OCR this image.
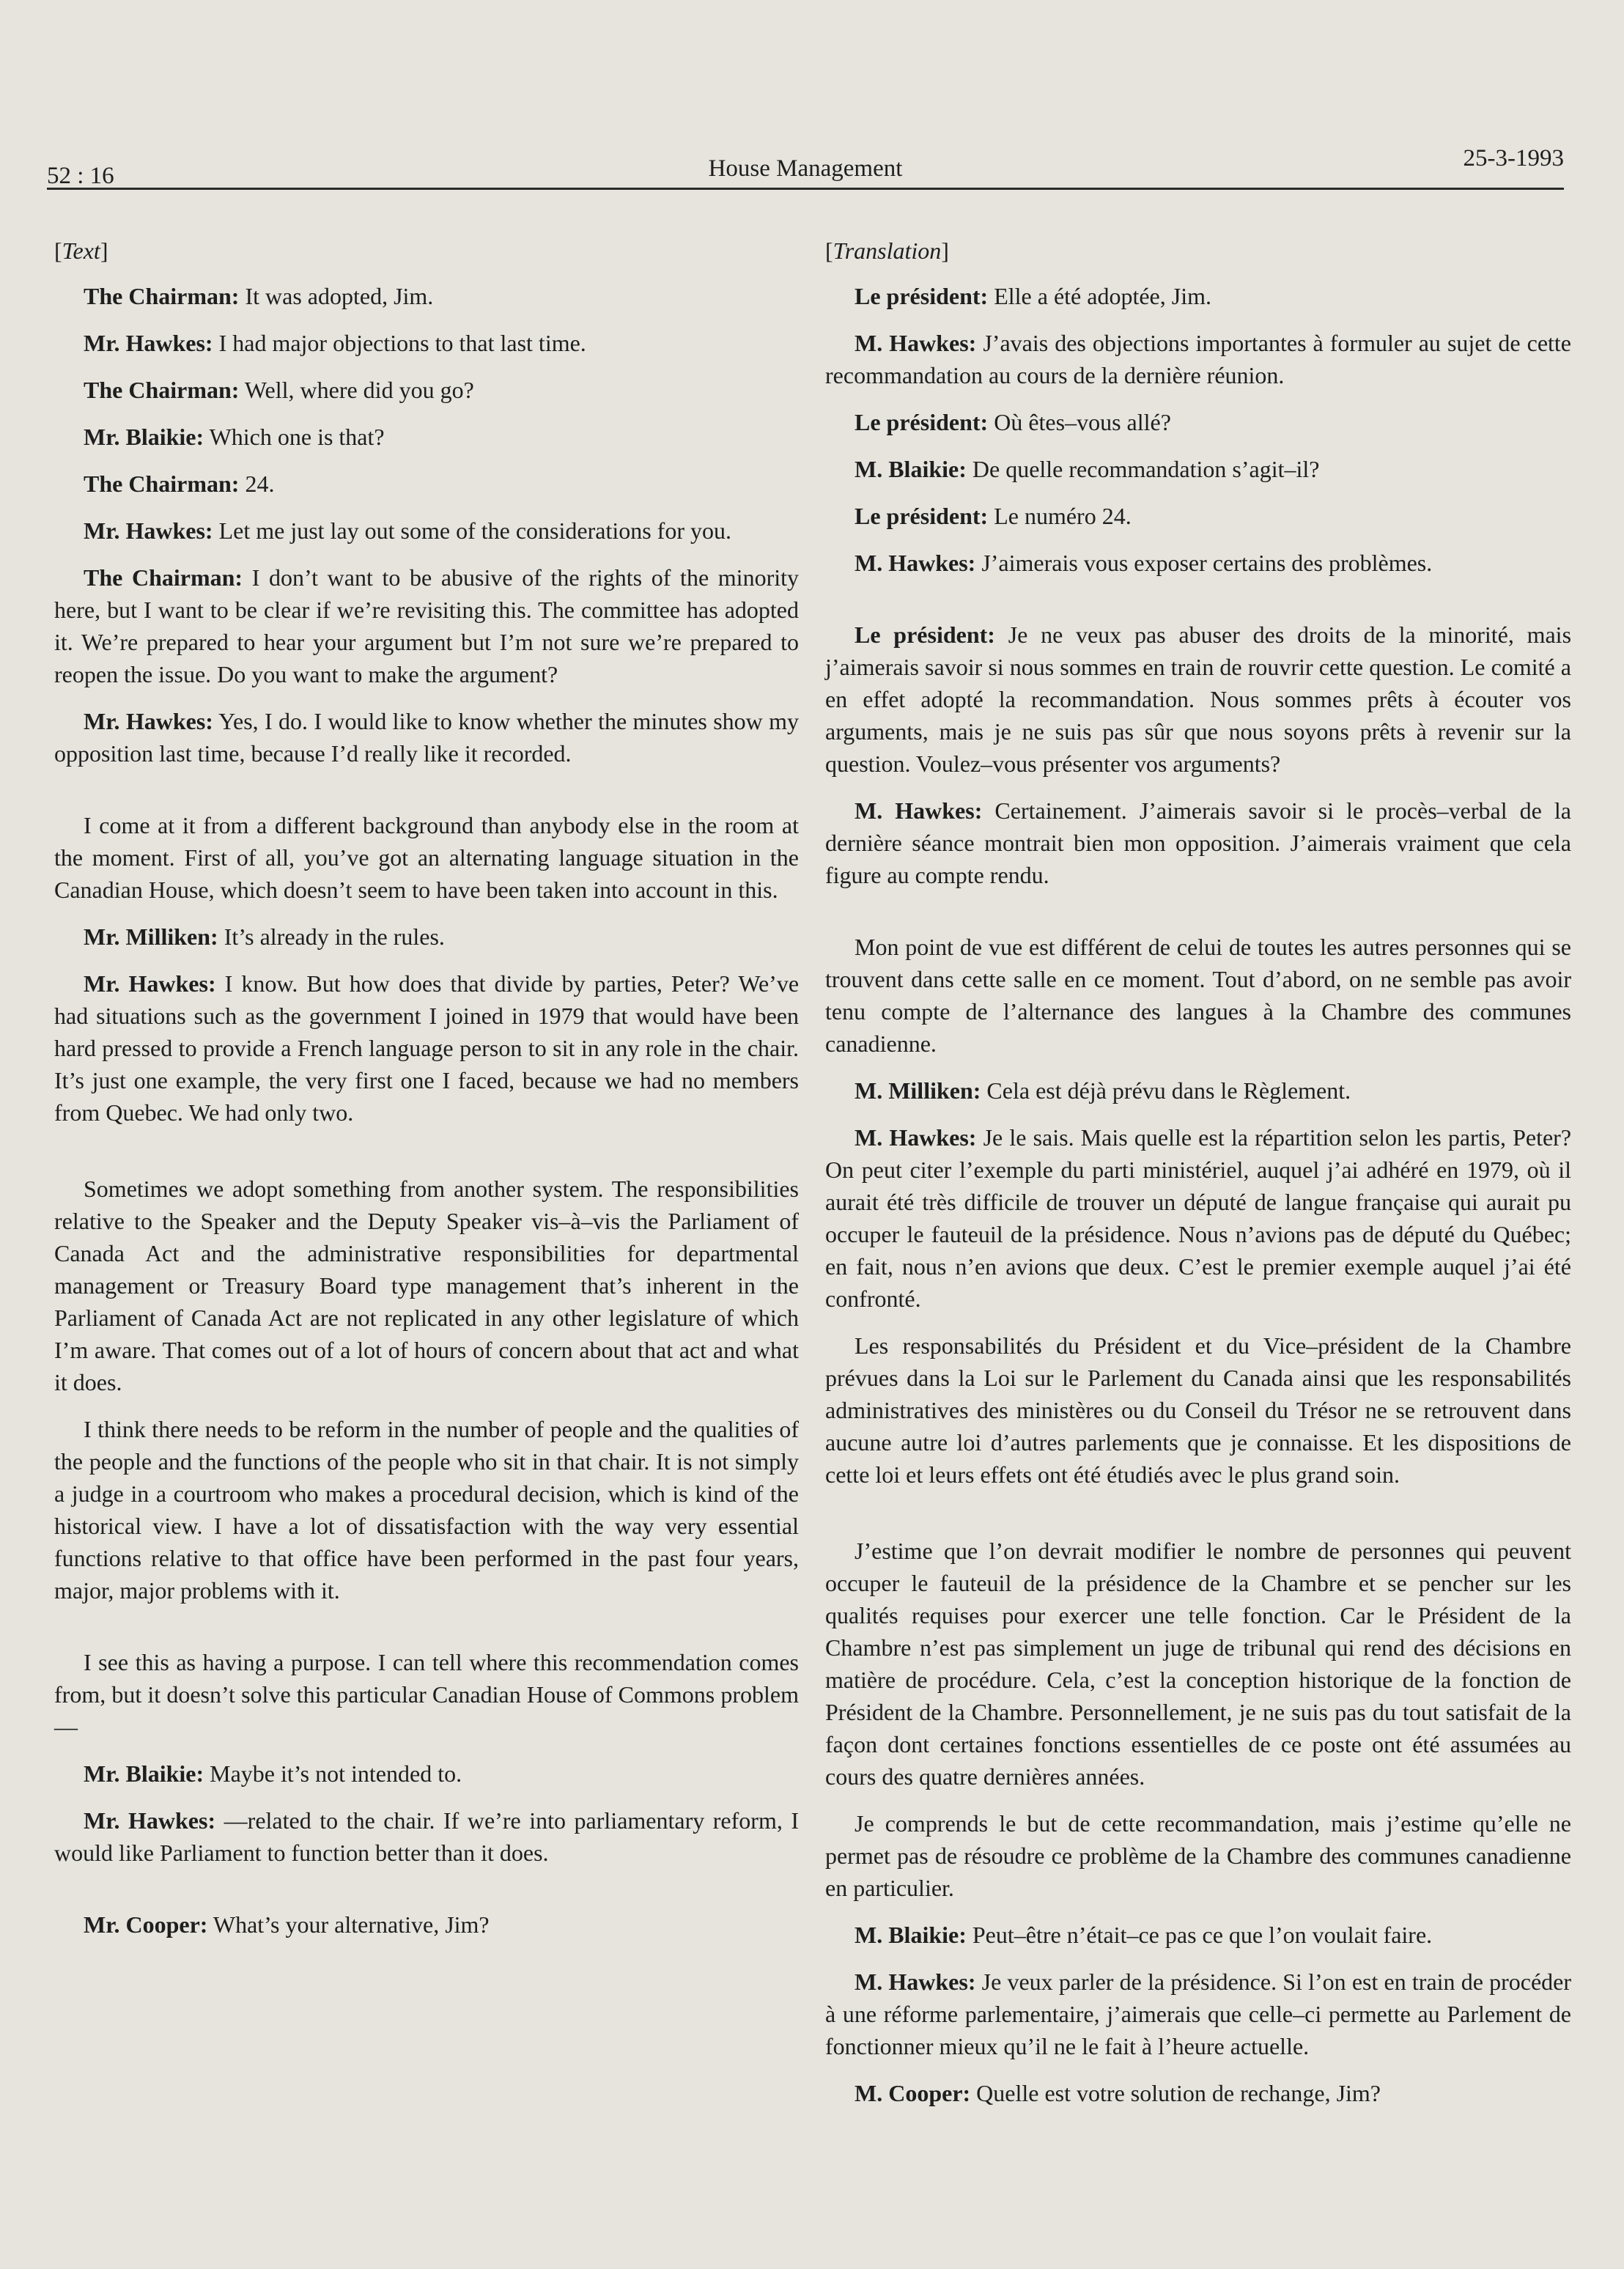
52 : 16	House Management	25-3-1993
[Text]

The Chairman: It was adopted, Jim.

Mr. Hawkes: I had major objections to that last time.

The Chairman: Well, where did you go?

Mr. Blaikie: Which one is that?

The Chairman: 24.

Mr. Hawkes: Let me just lay out some of the considerations for you.

The Chairman: I don’t want to be abusive of the rights of the minority here, but I want to be clear if we’re revisiting this. The committee has adopted it. We’re prepared to hear your argument but I’m not sure we’re prepared to reopen the issue. Do you want to make the argument?

Mr. Hawkes: Yes, I do. I would like to know whether the minutes show my opposition last time, because I’d really like it recorded.

I come at it from a different background than anybody else in the room at the moment. First of all, you’ve got an alternating language situation in the Canadian House, which doesn’t seem to have been taken into account in this.

Mr. Milliken: It’s already in the rules.

Mr. Hawkes: I know. But how does that divide by parties, Peter? We’ve had situations such as the government I joined in 1979 that would have been hard pressed to provide a French language person to sit in any role in the chair. It’s just one example, the very first one I faced, because we had no members from Quebec. We had only two.

Sometimes we adopt something from another system. The responsibilities relative to the Speaker and the Deputy Speaker vis–à–vis the Parliament of Canada Act and the administrative responsibilities for departmental management or Treasury Board type management that’s inherent in the Parliament of Canada Act are not replicated in any other legislature of which I’m aware. That comes out of a lot of hours of concern about that act and what it does.

I think there needs to be reform in the number of people and the qualities of the people and the functions of the people who sit in that chair. It is not simply a judge in a courtroom who makes a procedural decision, which is kind of the historical view. I have a lot of dissatisfaction with the way very essential functions relative to that office have been performed in the past four years, major, major problems with it.

I see this as having a purpose. I can tell where this recommendation comes from, but it doesn’t solve this particular Canadian House of Commons problem—

Mr. Blaikie: Maybe it’s not intended to.

Mr. Hawkes: —related to the chair. If we’re into parliamentary reform, I would like Parliament to function better than it does.

Mr. Cooper: What’s your alternative, Jim?

[Translation]

Le président: Elle a été adoptée, Jim.

M. Hawkes: J’avais des objections importantes à formuler au sujet de cette recommandation au cours de la dernière réunion.

Le président: Où êtes–vous allé?

M. Blaikie: De quelle recommandation s’agit–il?

Le président: Le numéro 24.

M. Hawkes: J’aimerais vous exposer certains des problèmes.

Le président: Je ne veux pas abuser des droits de la minorité, mais j’aimerais savoir si nous sommes en train de rouvrir cette question. Le comité a en effet adopté la recommandation. Nous sommes prêts à écouter vos arguments, mais je ne suis pas sûr que nous soyons prêts à revenir sur la question. Voulez–vous présenter vos arguments?

M. Hawkes: Certainement. J’aimerais savoir si le procès–verbal de la dernière séance montrait bien mon opposition. J’aimerais vraiment que cela figure au compte rendu.

Mon point de vue est différent de celui de toutes les autres personnes qui se trouvent dans cette salle en ce moment. Tout d’abord, on ne semble pas avoir tenu compte de l’alternance des langues à la Chambre des communes canadienne.

M. Milliken: Cela est déjà prévu dans le Règlement.

M. Hawkes: Je le sais. Mais quelle est la répartition selon les partis, Peter? On peut citer l’exemple du parti ministériel, auquel j’ai adhéré en 1979, où il aurait été très difficile de trouver un député de langue française qui aurait pu occuper le fauteuil de la présidence. Nous n’avions pas de député du Québec; en fait, nous n’en avions que deux. C’est le premier exemple auquel j’ai été confronté.

Les responsabilités du Président et du Vice–président de la Chambre prévues dans la Loi sur le Parlement du Canada ainsi que les responsabilités administratives des ministères ou du Conseil du Trésor ne se retrouvent dans aucune autre loi d’autres parlements que je connaisse. Et les dispositions de cette loi et leurs effets ont été étudiés avec le plus grand soin.

J’estime que l’on devrait modifier le nombre de personnes qui peuvent occuper le fauteuil de la présidence de la Chambre et se pencher sur les qualités requises pour exercer une telle fonction. Car le Président de la Chambre n’est pas simplement un juge de tribunal qui rend des décisions en matière de procédure. Cela, c’est la conception historique de la fonction de Président de la Chambre. Personnellement, je ne suis pas du tout satisfait de la façon dont certaines fonctions essentielles de ce poste ont été assumées au cours des quatre dernières années.

Je comprends le but de cette recommandation, mais j’estime qu’elle ne permet pas de résoudre ce problème de la Chambre des communes canadienne en particulier.

M. Blaikie: Peut–être n’était–ce pas ce que l’on voulait faire.

M. Hawkes: Je veux parler de la présidence. Si l’on est en train de procéder à une réforme parlementaire, j’aimerais que celle–ci permette au Parlement de fonctionner mieux qu’il ne le fait à l’heure actuelle.

M. Cooper: Quelle est votre solution de rechange, Jim?
